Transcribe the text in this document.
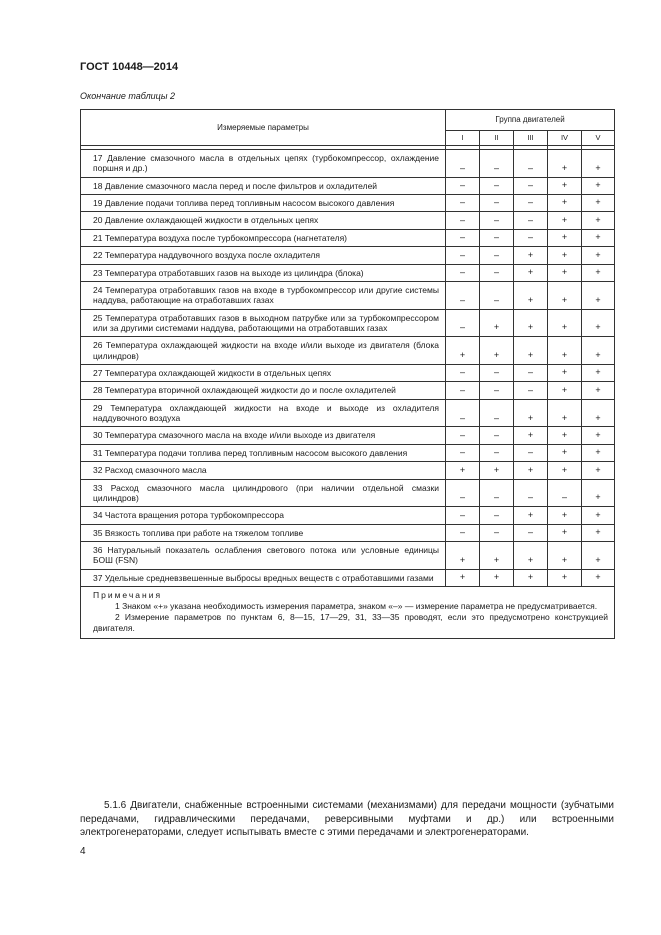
ГОСТ 10448—2014
Окончание таблицы 2
Измеряемые параметры	Группа двигателей				
	I	II	III	IV	V

17 Давление смазочного масла в отдельных цепях (турбокомпрессор, охлаждение поршня и др.)	–	–	–	+	+
18 Давление смазочного масла перед и после фильтров и охладителей	–	–	–	+	+
19 Давление подачи топлива перед топливным насосом высокого давления	–	–	–	+	+
20 Давление охлаждающей жидкости в отдельных цепях	–	–	–	+	+
21 Температура воздуха после турбокомпрессора (нагнетателя)	–	–	–	+	+
22 Температура наддувочного воздуха после охладителя	–	–	+	+	+
23 Температура отработавших газов на выходе из цилиндра (блока)	–	–	+	+	+
24 Температура отработавших газов на входе в турбокомпрессор или другие системы наддува, работающие на отработавших газах	–	–	+	+	+
25 Температура отработавших газов в выходном патрубке или за турбокомпрессором или за другими системами наддува, работающими на отработавших газах	–	+	+	+	+
26 Температура охлаждающей жидкости на входе и/или выходе из двигателя (блока цилиндров)	+	+	+	+	+
27 Температура охлаждающей жидкости в отдельных цепях	–	–	–	+	+
28 Температура вторичной охлаждающей жидкости до и после охладителей	–	–	–	+	+
29 Температура охлаждающей жидкости на входе и выходе из охладителя наддувочного воздуха	–	–	+	+	+
30 Температура смазочного масла на входе и/или выходе из двигателя	–	–	+	+	+
31 Температура подачи топлива перед топливным насосом высокого давления	–	–	–	+	+
32 Расход смазочного масла	+	+	+	+	+
33 Расход смазочного масла цилиндрового (при наличии отдельной смазки цилиндров)	–	–	–	–	+
34 Частота вращения ротора турбокомпрессора	–	–	+	+	+
35 Вязкость топлива при работе на тяжелом топливе	–	–	–	+	+
36 Натуральный показатель ослабления светового потока или условные единицы БОШ (FSN)	+	+	+	+	+
37 Удельные средневзвешенные выбросы вредных веществ с отработавшими газами	+	+	+	+	+

Примечания
1 Знаком «+» указана необходимость измерения параметра, знаком «–» — измерение параметра не предусматривается.
2 Измерение параметров по пунктам 6, 8—15, 17—29, 31, 33—35 проводят, если это предусмотрено конструкцией двигателя.					
5.1.6 Двигатели, снабженные встроенными системами (механизмами) для передачи мощности (зубчатыми передачами, гидравлическими передачами, реверсивными муфтами и др.) или встроенными электрогенераторами, следует испытывать вместе с этими передачами и электрогенераторами.
4
